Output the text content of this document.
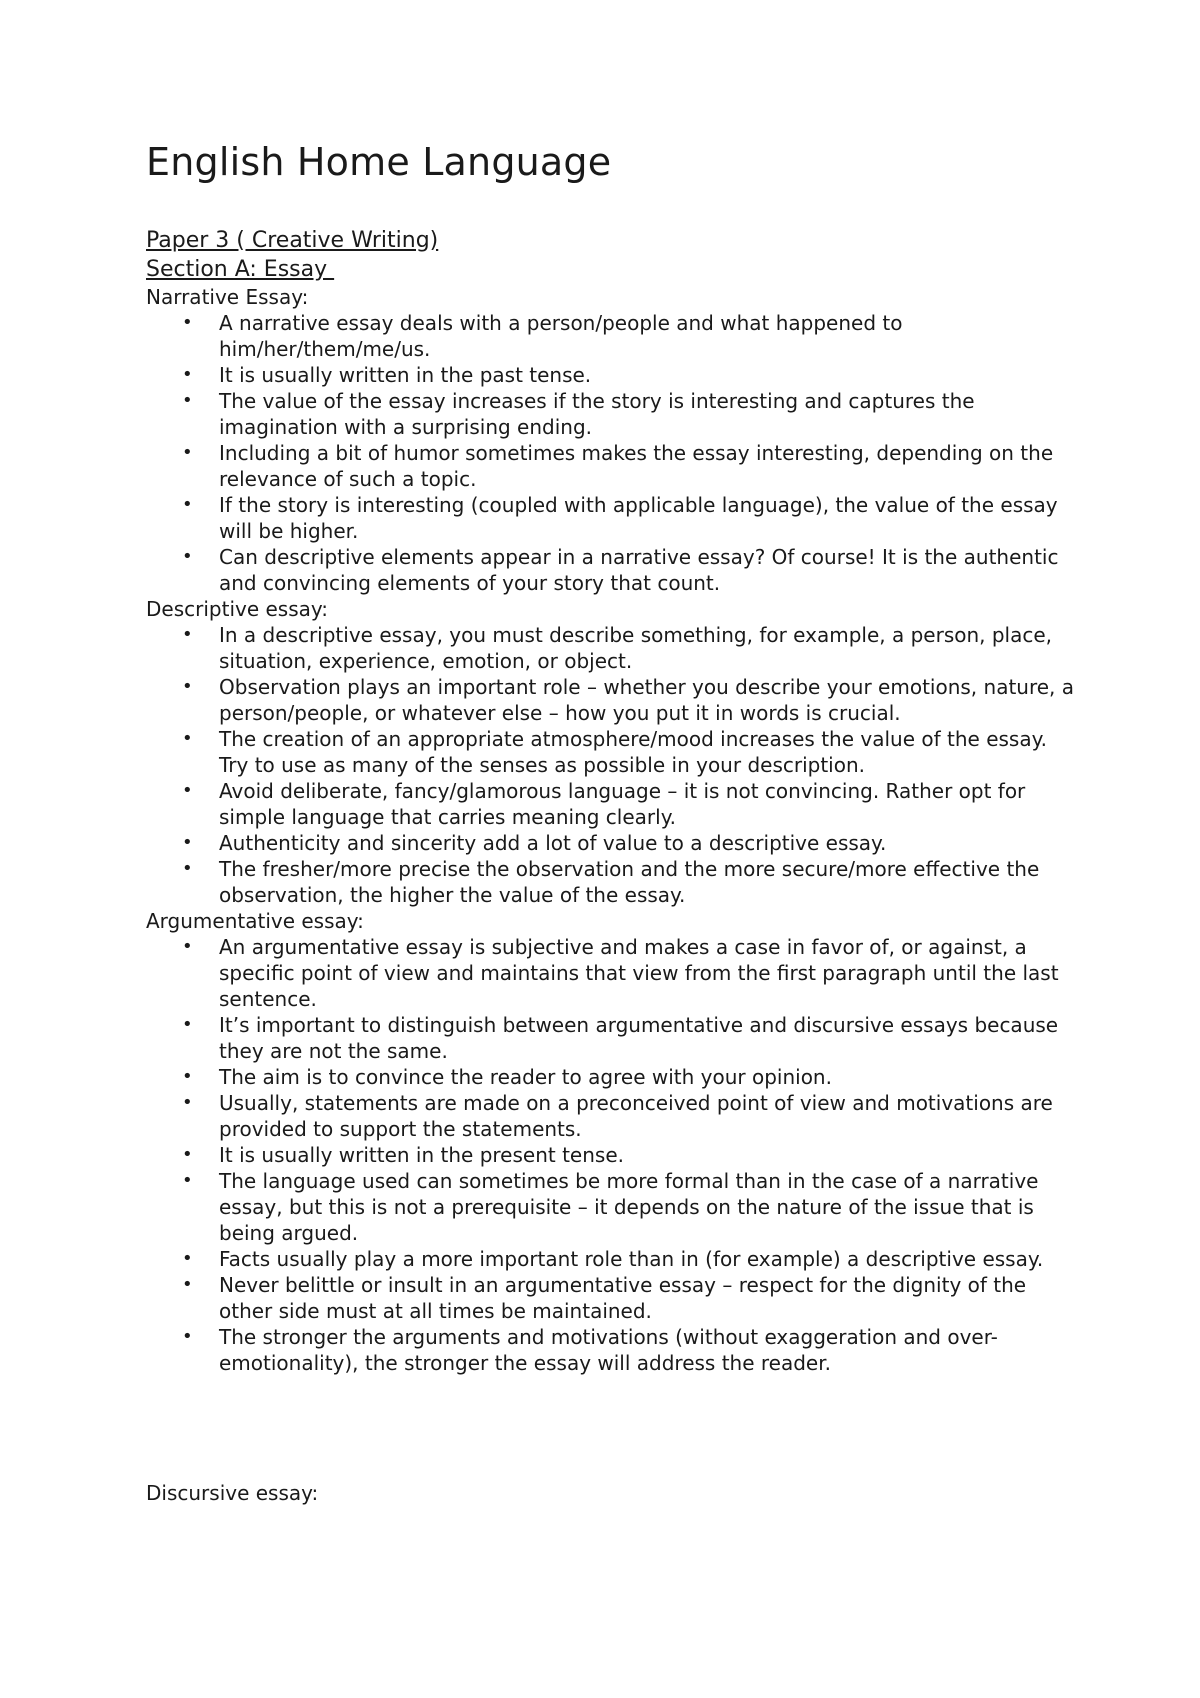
English Home Language
Paper 3 ( Creative Writing)
Section A: Essay
Narrative Essay:
• A narrative essay deals with a person/people and what happened to him/her/them/me/us.
• It is usually written in the past tense.
• The value of the essay increases if the story is interesting and captures the imagination with a surprising ending.
• Including a bit of humor sometimes makes the essay interesting, depending on the relevance of such a topic.
• If the story is interesting (coupled with applicable language), the value of the essay will be higher.
• Can descriptive elements appear in a narrative essay? Of course! It is the authentic and convincing elements of your story that count.
Descriptive essay:
• In a descriptive essay, you must describe something, for example, a person, place, situation, experience, emotion, or object.
• Observation plays an important role – whether you describe your emotions, nature, a person/people, or whatever else – how you put it in words is crucial.
• The creation of an appropriate atmosphere/mood increases the value of the essay. Try to use as many of the senses as possible in your description.
• Avoid deliberate, fancy/glamorous language – it is not convincing. Rather opt for simple language that carries meaning clearly.
• Authenticity and sincerity add a lot of value to a descriptive essay.
• The fresher/more precise the observation and the more secure/more effective the observation, the higher the value of the essay.
Argumentative essay:
• An argumentative essay is subjective and makes a case in favor of, or against, a specific point of view and maintains that view from the first paragraph until the last sentence.
• It’s important to distinguish between argumentative and discursive essays because they are not the same.
• The aim is to convince the reader to agree with your opinion.
• Usually, statements are made on a preconceived point of view and motivations are provided to support the statements.
• It is usually written in the present tense.
• The language used can sometimes be more formal than in the case of a narrative essay, but this is not a prerequisite – it depends on the nature of the issue that is being argued.
• Facts usually play a more important role than in (for example) a descriptive essay.
• Never belittle or insult in an argumentative essay – respect for the dignity of the other side must at all times be maintained.
• The stronger the arguments and motivations (without exaggeration and over-emotionality), the stronger the essay will address the reader.
Discursive essay:
